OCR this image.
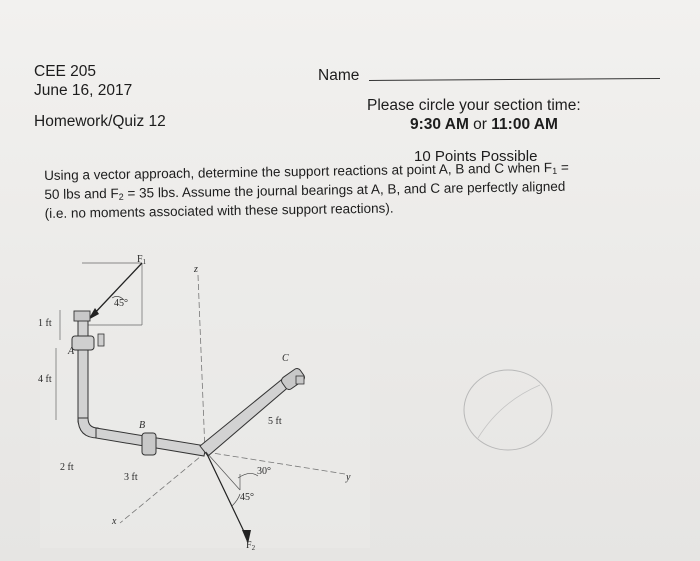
CEE 205
June 16, 2017
Homework/Quiz 12
Name
Please circle your section time:
9:30 AM or 11:00 AM
10 Points Possible
Using a vector approach, determine the support reactions at point A, B and C when $F_1$ =
50 lbs and $F_2 = 35$ lbs. Assume the journal bearings at A, B, and C are perfectly aligned
(i.e. no moments associated with these support reactions).
$F_1$
z
45°
1 ft
A
4 ft
C
B	5 ft
2 ft
3 ft
30°
y
45°
x
$F_2$
